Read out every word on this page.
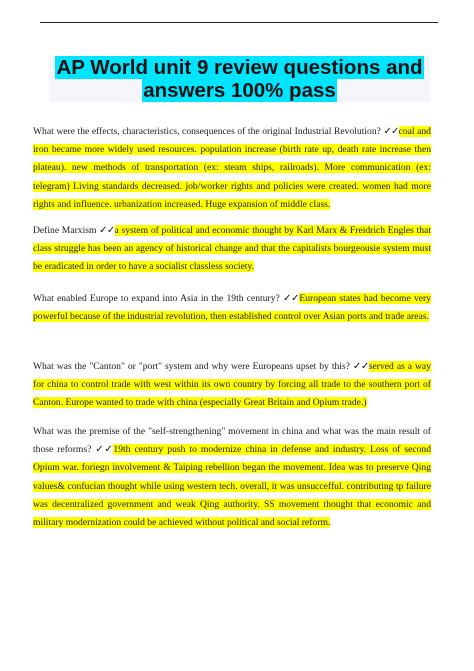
AP World unit 9 review questions and
answers 100% pass
What were the effects, characteristics, consequences of the original Industrial Revolution? ✓✓coal and iron became more widely used resources. population increase (birth rate up, death rate increase then plateau). new methods of transportation (ex: steam ships, railroads). More communication (ex: telegram) Living standards decreased. job/worker rights and policies were created. women had more rights and influence. urbanization increased. Huge expansion of middle class.
Define Marxism ✓✓a system of political and economic thought by Karl Marx & Freidrich Engles that class struggle has been an agency of historical change and that the capitalists bourgeousie system must be eradicated in order to have a socialist classless society.
What enabled Europe to expand into Asia in the 19th century? ✓✓European states had become very powerful because of the industrial revolution, then established control over Asian ports and trade areas.
What was the "Canton" or "port" system and why were Europeans upset by this? ✓✓served as a way for china to control trade with west within its own country by forcing all trade to the southern port of Canton. Europe wanted to trade with china (especially Great Britain and Opium trade.)
What was the premise of the "self-strengthening" movement in china and what was the main result of those reforms? ✓✓19th century push to modernize china in defense and industry. Loss of second Opium war. foriegn involvement & Taiping rebellion began the movement. Idea was to preserve Qing values& confucian thought while using western tech. overall, it was unsuccefful. contributing tp failure was decentralized government and weak Qing authority. SS movement thought that economic and military modernization could be achieved without political and social reform.
